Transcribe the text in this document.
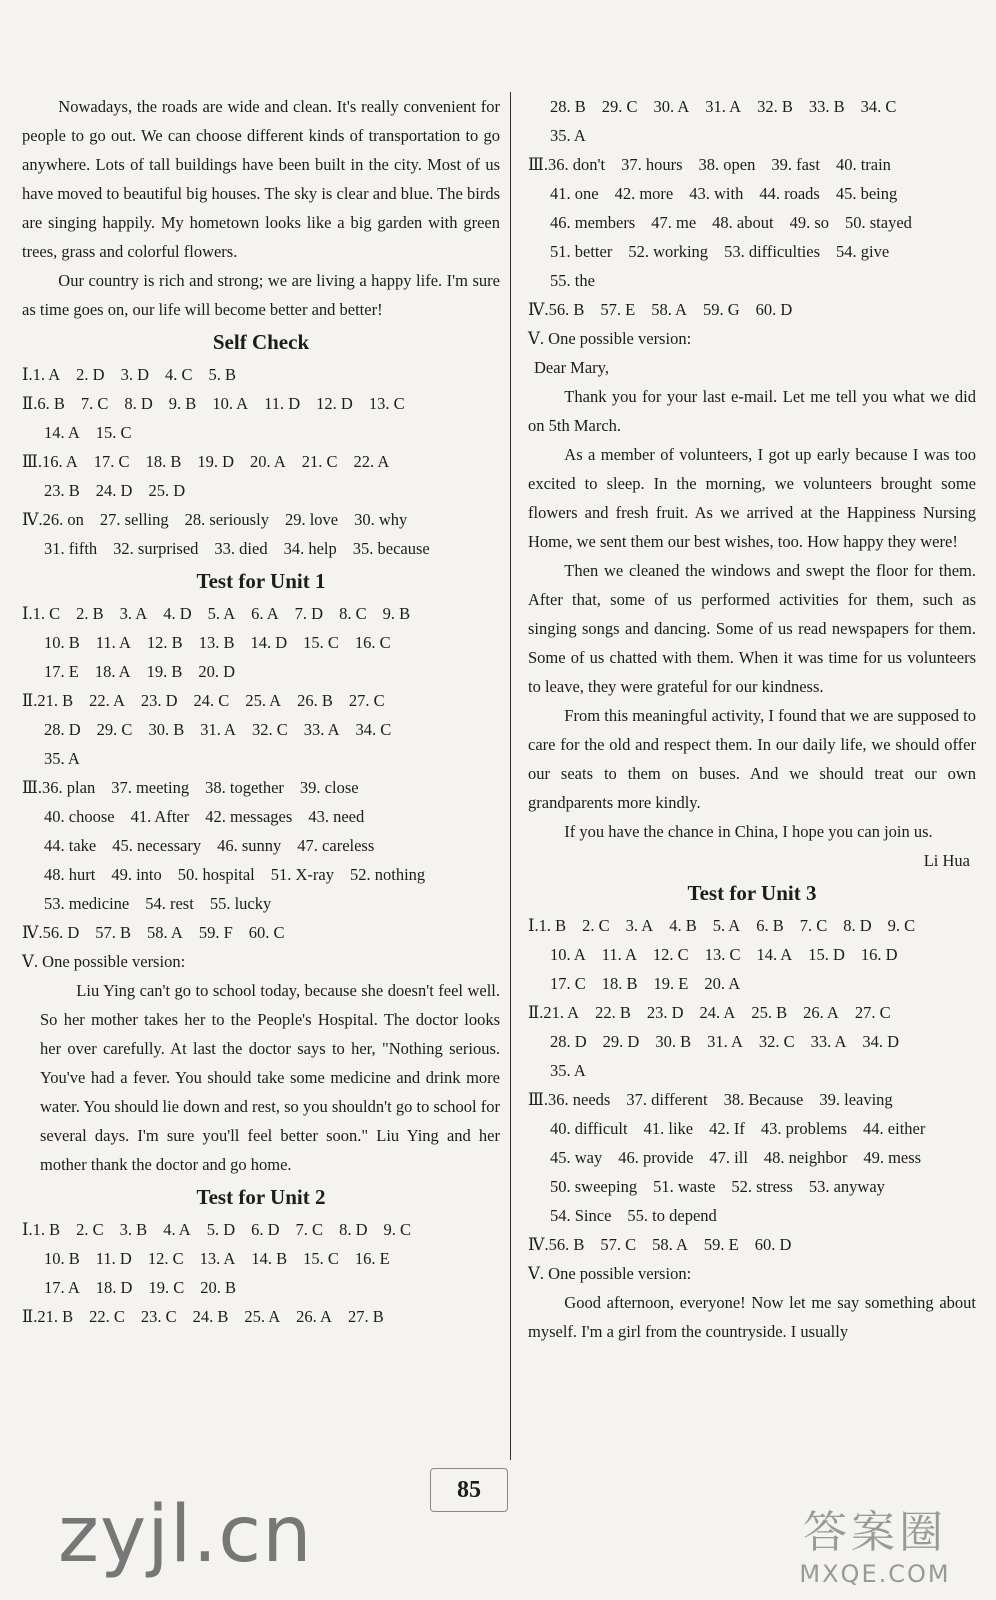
Nowadays, the roads are wide and clean. It's really convenient for people to go out. We can choose different kinds of transportation to go anywhere. Lots of tall buildings have been built in the city. Most of us have moved to beautiful big houses. The sky is clear and blue. The birds are singing happily. My hometown looks like a big garden with green trees, grass and colorful flowers.

Our country is rich and strong; we are living a happy life. I'm sure as time goes on, our life will become better and better!

Self Check
Ⅰ.1. A 2. D 3. D 4. C 5. B
Ⅱ.6. B 7. C 8. D 9. B 10. A 11. D 12. D 13. C
14. A 15. C
Ⅲ.16. A 17. C 18. B 19. D 20. A 21. C 22. A
23. B 24. D 25. D
Ⅳ.26. on 27. selling 28. seriously 29. love 30. why
31. fifth 32. surprised 33. died 34. help 35. because
Test for Unit 1
Ⅰ.1. C 2. B 3. A 4. D 5. A 6. A 7. D 8. C 9. B
10. B 11. A 12. B 13. B 14. D 15. C 16. C
17. E 18. A 19. B 20. D
Ⅱ.21. B 22. A 23. D 24. C 25. A 26. B 27. C
28. D 29. C 30. B 31. A 32. C 33. A 34. C
35. A
Ⅲ.36. plan 37. meeting 38. together 39. close
40. choose 41. After 42. messages 43. need
44. take 45. necessary 46. sunny 47. careless
48. hurt 49. into 50. hospital 51. X-ray 52. nothing
53. medicine 54. rest 55. lucky
Ⅳ.56. D 57. B 58. A 59. F 60. C

Ⅴ. One possible version:

Liu Ying can't go to school today, because she doesn't feel well. So her mother takes her to the People's Hospital. The doctor looks her over carefully. At last the doctor says to her, "Nothing serious. You've had a fever. You should take some medicine and drink more water. You should lie down and rest, so you shouldn't go to school for several days. I'm sure you'll feel better soon." Liu Ying and her mother thank the doctor and go home.

Test for Unit 2
Ⅰ.1. B 2. C 3. B 4. A 5. D 6. D 7. C 8. D 9. C
10. B 11. D 12. C 13. A 14. B 15. C 16. E
17. A 18. D 19. C 20. B
Ⅱ.21. B 22. C 23. C 24. B 25. A 26. A 27. B
28. B 29. C 30. A 31. A 32. B 33. B 34. C
35. A
Ⅲ.36. don't 37. hours 38. open 39. fast 40. train
41. one 42. more 43. with 44. roads 45. being
46. members 47. me 48. about 49. so 50. stayed
51. better 52. working 53. difficulties 54. give
55. the
Ⅳ.56. B 57. E 58. A 59. G 60. D

Ⅴ. One possible version:

Dear Mary,

Thank you for your last e-mail. Let me tell you what we did on 5th March.

As a member of volunteers, I got up early because I was too excited to sleep. In the morning, we volunteers brought some flowers and fresh fruit. As we arrived at the Happiness Nursing Home, we sent them our best wishes, too. How happy they were!

Then we cleaned the windows and swept the floor for them. After that, some of us performed activities for them, such as singing songs and dancing. Some of us read newspapers for them. Some of us chatted with them. When it was time for us volunteers to leave, they were grateful for our kindness.

From this meaningful activity, I found that we are supposed to care for the old and respect them. In our daily life, we should offer our seats to them on buses. And we should treat our own grandparents more kindly.

If you have the chance in China, I hope you can join us.

Li Hua

Test for Unit 3
Ⅰ.1. B 2. C 3. A 4. B 5. A 6. B 7. C 8. D 9. C
10. A 11. A 12. C 13. C 14. A 15. D 16. D
17. C 18. B 19. E 20. A
Ⅱ.21. A 22. B 23. D 24. A 25. B 26. A 27. C
28. D 29. D 30. B 31. A 32. C 33. A 34. D
35. A
Ⅲ.36. needs 37. different 38. Because 39. leaving
40. difficult 41. like 42. If 43. problems 44. either
45. way 46. provide 47. ill 48. neighbor 49. mess
50. sweeping 51. waste 52. stress 53. anyway
54. Since 55. to depend
Ⅳ.56. B 57. C 58. A 59. E 60. D

Ⅴ. One possible version:

Good afternoon, everyone! Now let me say something about myself. I'm a girl from the countryside. I usually

85
zyjl.cn	答案圈
MXQE.COM
